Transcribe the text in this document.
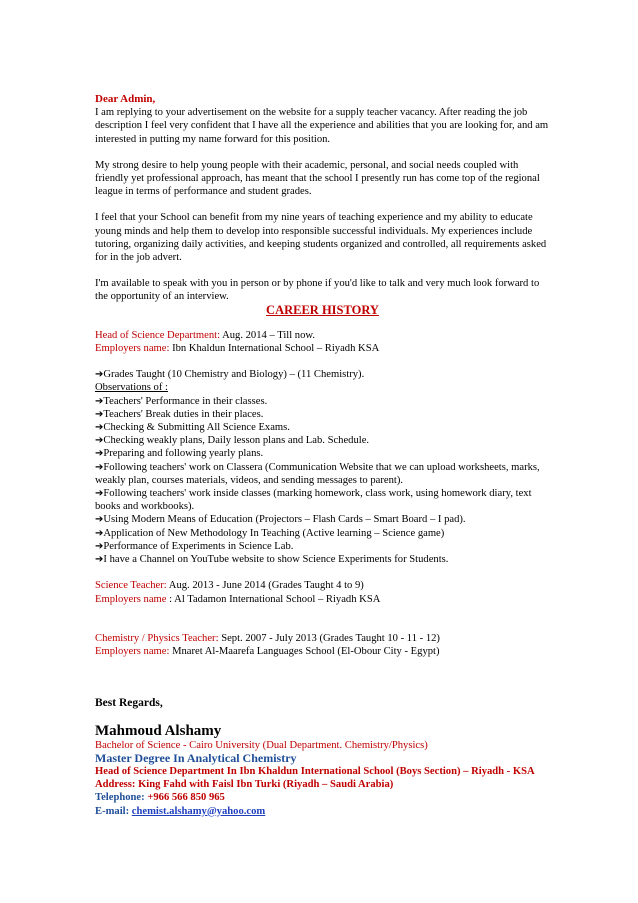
Dear Admin,

I am replying to your advertisement on the website for a supply teacher vacancy. After reading the job description I feel very confident that I have all the experience and abilities that you are looking for, and am interested in putting my name forward for this position.

My strong desire to help young people with their academic, personal, and social needs coupled with friendly yet professional approach, has meant that the school I presently run has come top of the regional league in terms of performance and student grades.

I feel that your School can benefit from my nine years of teaching experience and my ability to educate young minds and help them to develop into responsible successful individuals. My experiences include tutoring, organizing daily activities, and keeping students organized and controlled, all requirements asked for in the job advert.

I'm available to speak with you in person or by phone if you'd like to talk and very much look forward to the opportunity of an interview.

CAREER HISTORY

Head of Science Department: Aug. 2014 – Till now.

Employers name: Ibn Khaldun International School – Riyadh KSA

➔Grades Taught (10 Chemistry and Biology) – (11 Chemistry).

Observations of :

➔Teachers' Performance in their classes.

➔Teachers' Break duties in their places.

➔Checking & Submitting All Science Exams.

➔Checking weakly plans, Daily lesson plans and Lab. Schedule.

➔Preparing and following yearly plans.

➔Following teachers' work on Classera (Communication Website that we can upload worksheets, marks, weakly plan, courses materials, videos, and sending messages to parent).

➔Following teachers' work inside classes (marking homework, class work, using homework diary, text books and workbooks).

➔Using Modern Means of Education (Projectors – Flash Cards – Smart Board – I pad).

➔Application of New Methodology In Teaching (Active learning – Science game)

➔Performance of Experiments in Science Lab.

➔I have a Channel on YouTube website to show Science Experiments for Students.

Science Teacher: Aug. 2013 - June 2014 (Grades Taught 4 to 9)

Employers name : Al Tadamon International School – Riyadh KSA

Chemistry / Physics Teacher: Sept. 2007 - July 2013 (Grades Taught 10 - 11 - 12)

Employers name: Mnaret Al-Maarefa Languages School (El-Obour City - Egypt)

Best Regards,

Mahmoud Alshamy

Bachelor of Science - Cairo University (Dual Department. Chemistry/Physics)

Master Degree In Analytical Chemistry

Head of Science Department In Ibn Khaldun International School (Boys Section) – Riyadh - KSA

Address: King Fahd with Faisl Ibn Turki (Riyadh – Saudi Arabia)

Telephone: +966 566 850 965

E-mail: chemist.alshamy@yahoo.com
